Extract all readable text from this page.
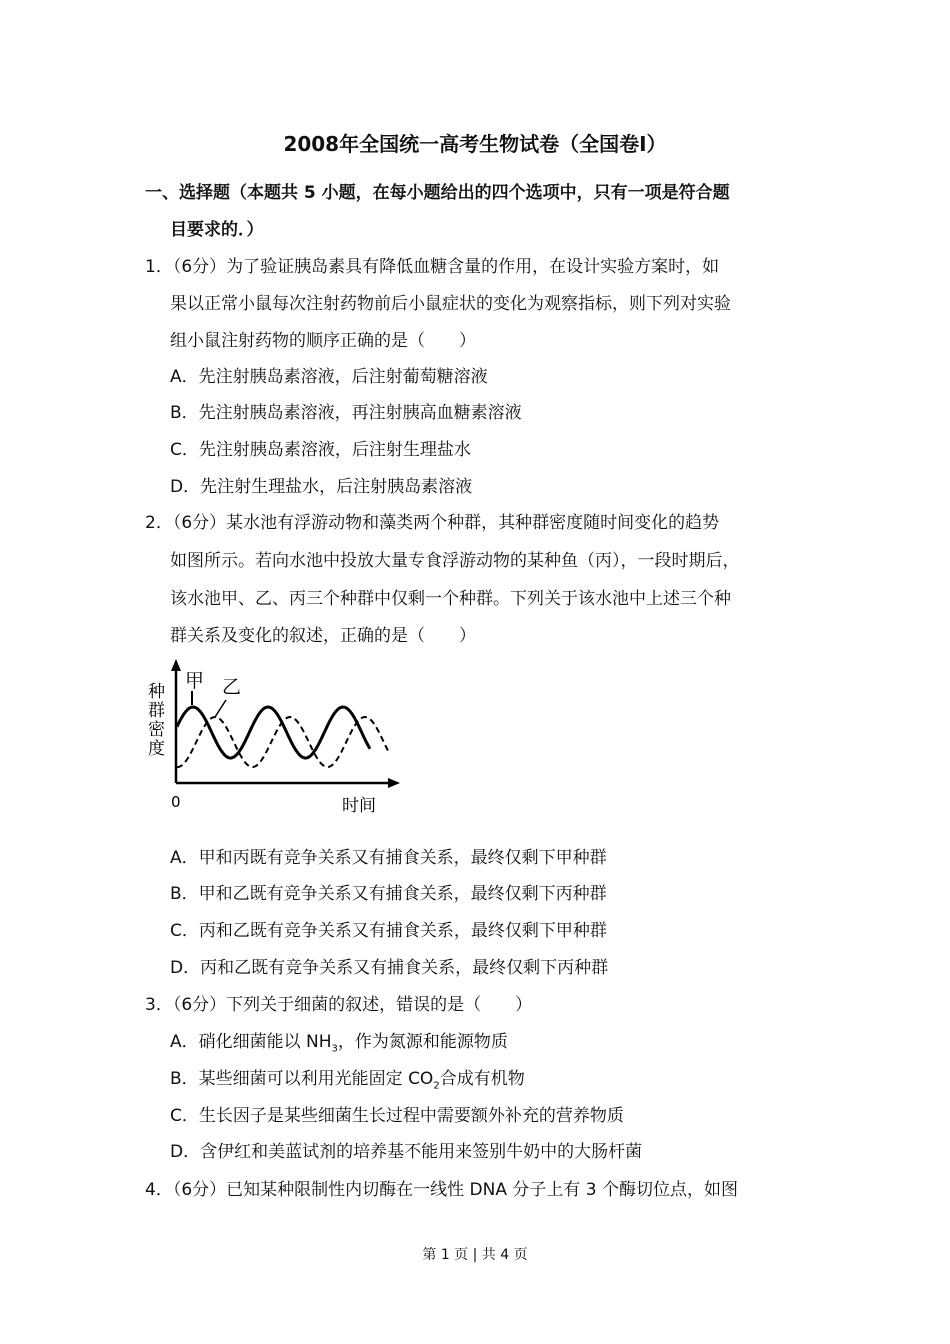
2008年全国统一高考生物试卷（全国卷Ⅰ）
一、选择题（本题共 5 小题，在每小题给出的四个选项中，只有一项是符合题
目要求的．）
1．（6分）为了验证胰岛素具有降低血糖含量的作用，在设计实验方案时，如
果以正常小鼠每次注射药物前后小鼠症状的变化为观察指标，则下列对实验
组小鼠注射药物的顺序正确的是（　　）
A．先注射胰岛素溶液，后注射葡萄糖溶液
B．先注射胰岛素溶液，再注射胰高血糖素溶液
C．先注射胰岛素溶液，后注射生理盐水
D．先注射生理盐水，后注射胰岛素溶液
2．（6分）某水池有浮游动物和藻类两个种群，其种群密度随时间变化的趋势
如图所示。若向水池中投放大量专食浮游动物的某种鱼（丙），一段时期后，
该水池甲、乙、丙三个种群中仅剩一个种群。下列关于该水池中上述三个种
群关系及变化的叙述，正确的是（　　）
甲 乙
种
群
密
度
0	时间
A．甲和丙既有竞争关系又有捕食关系，最终仅剩下甲种群
B．甲和乙既有竞争关系又有捕食关系，最终仅剩下丙种群
C．丙和乙既有竞争关系又有捕食关系，最终仅剩下甲种群
D．丙和乙既有竞争关系又有捕食关系，最终仅剩下丙种群
3．（6分）下列关于细菌的叙述，错误的是（　　）
A．硝化细菌能以 $NH_3$，作为氮源和能源物质
B．某些细菌可以利用光能固定 $CO_2$合成有机物
C．生长因子是某些细菌生长过程中需要额外补充的营养物质
D．含伊红和美蓝试剂的培养基不能用来签别牛奶中的大肠杆菌
4．（6分）已知某种限制性内切酶在一线性 DNA 分子上有 3 个酶切位点，如图
第 1 页 | 共 4 页
